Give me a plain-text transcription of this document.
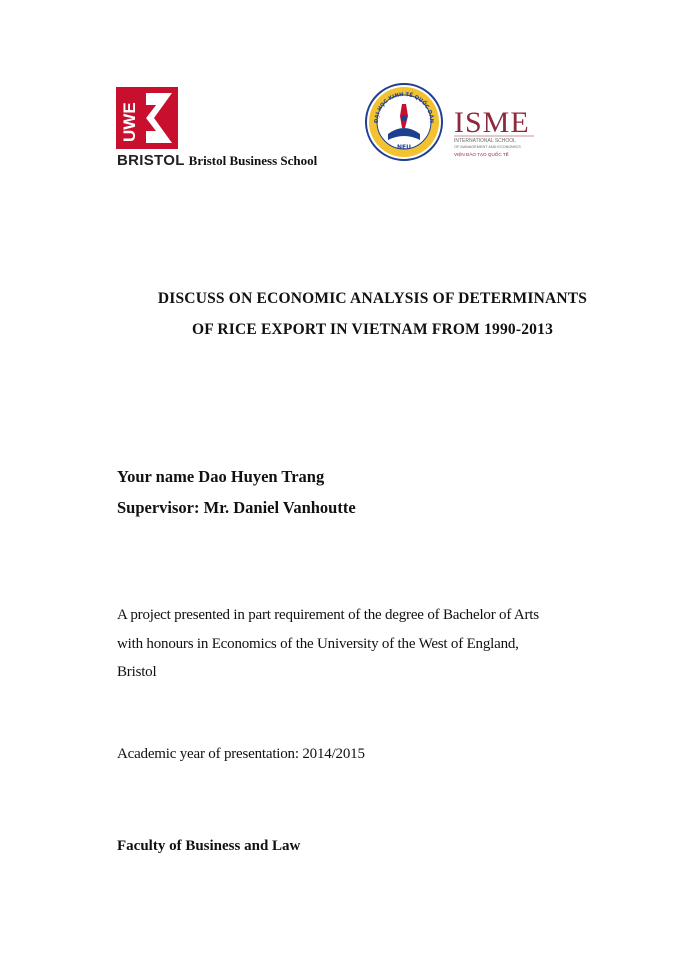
UWE
BRISTOL Bristol Business School
ĐẠI HỌC KINH TẾ QUỐC DÂN
NEU
ISME
INTERNATIONAL SCHOOL
OF MANAGEMENT AND ECONOMICS
VIỆN ĐÀO TẠO QUỐC TẾ
DISCUSS ON ECONOMIC ANALYSIS OF DETERMINANTS
OF RICE EXPORT IN VIETNAM FROM 1990-2013
Your name Dao Huyen Trang
Supervisor: Mr. Daniel Vanhoutte
A project presented in part requirement of the degree of Bachelor of Arts
with honours in Economics of the University of the West of England,
Bristol
Academic year of presentation: 2014/2015
Faculty of Business and Law
